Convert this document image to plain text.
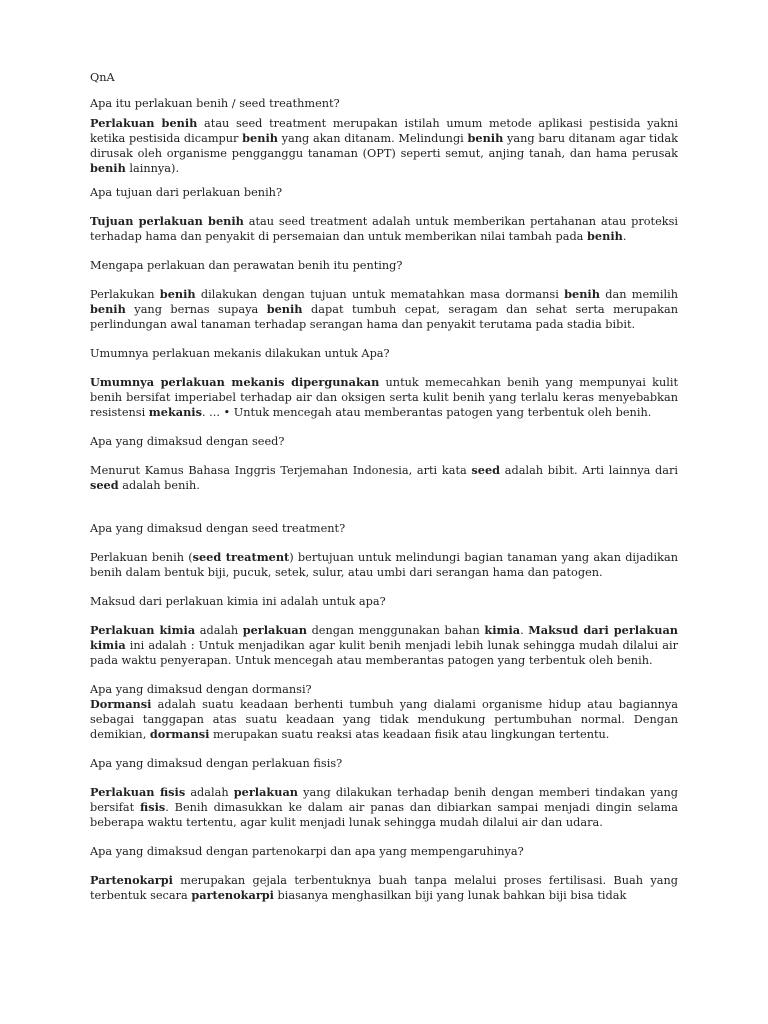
QnA

Apa itu perlakuan benih / seed treathment?

Perlakuan benih atau seed treatment merupakan istilah umum metode aplikasi pestisida yakni ketika pestisida dicampur benih yang akan ditanam. Melindungi benih yang baru ditanam agar tidak dirusak oleh organisme pengganggu tanaman (OPT) seperti semut, anjing tanah, dan hama perusak benih lainnya).

Apa tujuan dari perlakuan benih?

Tujuan perlakuan benih atau seed treatment adalah untuk memberikan pertahanan atau proteksi terhadap hama dan penyakit di persemaian dan untuk memberikan nilai tambah pada benih.

Mengapa perlakuan dan perawatan benih itu penting?

Perlakukan benih dilakukan dengan tujuan untuk mematahkan masa dormansi benih dan memilih benih yang bernas supaya benih dapat tumbuh cepat, seragam dan sehat serta merupakan perlindungan awal tanaman terhadap serangan hama dan penyakit terutama pada stadia bibit.

Umumnya perlakuan mekanis dilakukan untuk Apa?

Umumnya perlakuan mekanis dipergunakan untuk memecahkan benih yang mempunyai kulit benih bersifat imperiabel terhadap air dan oksigen serta kulit benih yang terlalu keras menyebabkan resistensi mekanis. ... • Untuk mencegah atau memberantas patogen yang terbentuk oleh benih.

Apa yang dimaksud dengan seed?

Menurut Kamus Bahasa Inggris Terjemahan Indonesia, arti kata seed adalah bibit. Arti lainnya dari seed adalah benih.

Apa yang dimaksud dengan seed treatment?

Perlakuan benih (seed treatment) bertujuan untuk melindungi bagian tanaman yang akan dijadikan benih dalam bentuk biji, pucuk, setek, sulur, atau umbi dari serangan hama dan patogen.

Maksud dari perlakuan kimia ini adalah untuk apa?

Perlakuan kimia adalah perlakuan dengan menggunakan bahan kimia. Maksud dari perlakuan kimia ini adalah : Untuk menjadikan agar kulit benih menjadi lebih lunak sehingga mudah dilalui air pada waktu penyerapan. Untuk mencegah atau memberantas patogen yang terbentuk oleh benih.

Apa yang dimaksud dengan dormansi?

Dormansi adalah suatu keadaan berhenti tumbuh yang dialami organisme hidup atau bagiannya sebagai tanggapan atas suatu keadaan yang tidak mendukung pertumbuhan normal. Dengan demikian, dormansi merupakan suatu reaksi atas keadaan fisik atau lingkungan tertentu.

Apa yang dimaksud dengan perlakuan fisis?

Perlakuan fisis adalah perlakuan yang dilakukan terhadap benih dengan memberi tindakan yang bersifat fisis. Benih dimasukkan ke dalam air panas dan dibiarkan sampai menjadi dingin selama beberapa waktu tertentu, agar kulit menjadi lunak sehingga mudah dilalui air dan udara.

Apa yang dimaksud dengan partenokarpi dan apa yang mempengaruhinya?

Partenokarpi merupakan gejala terbentuknya buah tanpa melalui proses fertilisasi. Buah yang terbentuk secara partenokarpi biasanya menghasilkan biji yang lunak bahkan biji bisa tidak
